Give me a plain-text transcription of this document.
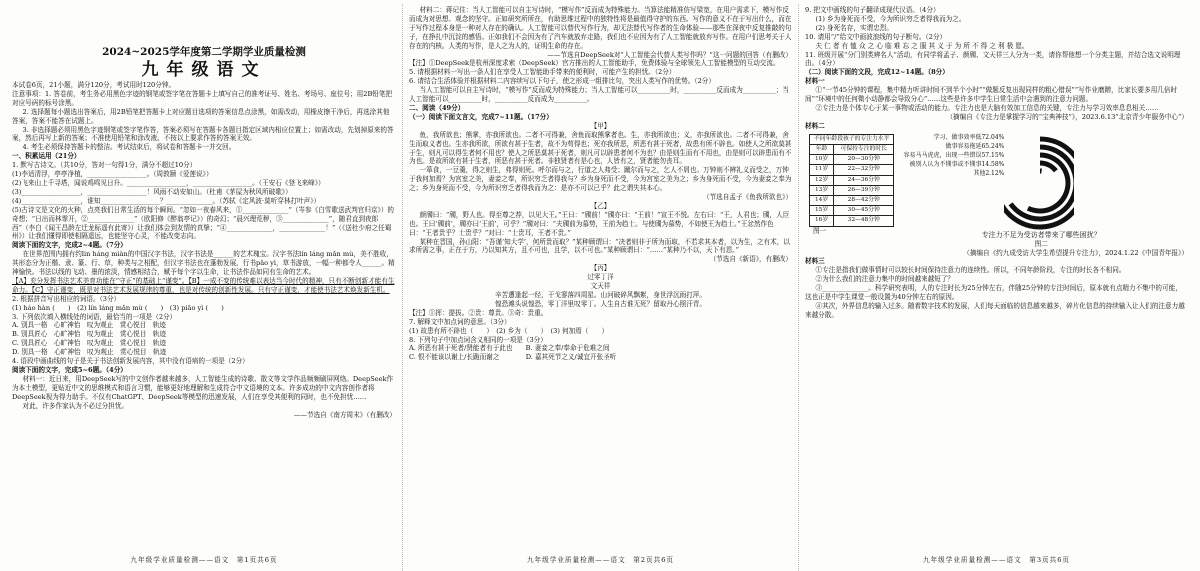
2024~2025学年度第二学期学业质量检测
九年级语文

本试卷6页，21小题，满分120分，考试用时120分钟。

注意事项：1. 答卷前，考生务必用黑色字迹的钢笔或签字笔在答题卡上填写自己的准考证号、姓名、考场号、座位号；用2B铅笔把对应号码的标号涂黑。

2. 选择题每小题选出答案后，用2B铅笔把答题卡上对应题目选项的答案信息点涂黑，如需改动，用橡皮擦干净后，再选涂其他答案，答案不能答在试题上。

3. 非选择题必须用黑色字迹钢笔或签字笔作答，答案必须写在答题卡各题目指定区域内相应位置上；如需改动，先划掉原来的答案，然后再写上新的答案；不准使用铅笔和涂改液。不按以上要求作答的答案无效。

4. 考生必须保持答题卡的整洁。考试结束后，将试卷和答题卡一并交回。

一、积累运用（21分）

1. 默写古诗文。（共10分，答对一句得1分，满分不超过10分）

(1)李适清浮，亭亭净植，__________________。（周敦颐《爱莲说》）

(2)飞来山上千寻塔，闻说鸡鸣见日升。__________________，__________________。（王安石《登飞来峰》）

(3)__________________，__________________！风雨不动安如山。（杜甫《茅屋为秋风所破歌》）

(4)__________________，谁知__________________？______________。（苏轼《定风波·莫听穿林打叶声》）

(5)古诗文是文化的火种，点亮我们日常生活的每个瞬间。“忽如一夜春风来，①______________”（岑参《白雪歌送武判官归京》）的奇想；“日出而林霏开，②______________”（欧阳修《醉翁亭记》）的奇幻；“晨兴理荒秽，③______________”，随君直到夜郎西”（李白《闻王昌龄左迁龙标遥有此寄》）让我们体会到友情的真挚；“④______________，______________！”（《送杜少府之任蜀州》）让我们懂得即使相隔遥远，也能坚守心灵，不能改变志向。

阅读下面的文字，完成2~4题。（7分）

在世界范围内拥有约lin háng miàn的中国汉字书法，汉字书法是______的艺术瑰宝。汉字书法lín láng mǎn mù，美不胜收，其形态分为正楷、隶、篆、行、草，种类与之相配，但汉字书法也在蓬勃发展，行书pǎo yì，草书游放，一幅一种都令人______。精神愉快。书法以线的飞动、墨的浓淡，情感相结合，赋予每个字以生命，让书法作品如同有生命的艺术。

【A】充分发挥书法艺术美育功能在“守正”的基础上“谨变”。【B】一成不变的传统难以表达当今时代的精神，只有不断创新才能有生命力。【C】守正谨变，既是对书法艺术发展规律的尊重，也是对传统的创新性发展。只有守正谨变，才能使书法艺术焕发新生机。

2. 根据拼音写出相应的词语。（3分）

(1) háo hàn (　　)　(2) lín láng mǎn mù (　　)　(3) piāo yì (　　)

3. 下列依次填入横线处的词语，最恰当的一项是（2分）

A. 别具一格　心旷神怡　叹为观止　赏心悦目　轨迹

B. 别具匠心　心旷神怡　叹为观止　赏心悦目　轨迹

C. 别具匠心　心旷神怡　叹为观止　赏心悦目　轨迹

D. 别具一格　心旷神怡　叹为观止　赏心悦目　轨迹

4. 语段中画曲线的句子是关于书法创新发展内容，其中没有语病的一项是（2分）

阅读下面的文字，完成5~6题。（4分）

材料一：近日来，用DeepSeek写的中文创作者越来越多，人工智能生成的诗歌、散文等文学作品频频刷屏网络。DeepSeek作为本土模型，更贴近中文的思维模式和语言习惯，能够更好地理解和生成符合中文语境的文本。许多成功的中文内容创作者将DeepSeek视为得力助手。不仅有ChatGPT、DeepSeek等模型的迅速发展，人们在享受其便利的同时，也不免担忧……

对此，许多作家认为不必过分担忧。

——节选自《南方周末》（有删改）

九年级学业质量检测——语文　第1页共6页

材料二：蒋记住：当人工智能可以自主写诗时，“模写作”反而成为特殊能力。当算法能精准仿写梁宽，在用户需求下，模写作反而成为对思想、观念的坚守。正如研究所所在，有助思维过程中的独特性将是最值得守护的东西。写作的意义不在于写出什么，而在于写作过程本身是一种对人存在的确认。人工智能可以替代写作行为，却无法替代写作者的生命体验——那些在深夜中反复推敲的句子，在挣扎中沉淀的感悟。正如我们不会因为有了汽车就放弃走路，我们也不应因为有了人工智能就放弃写作。在用户们思考关于人存在的内核。人类的写作，是人之为人的，证明生命的存在。

——节选自DeepSeek对“人工智能会代替人类写作吗？”这一问题的回答（有删改）

【注】①DeepSeek是杭州深度求索（DeepSeek）官方推出的人工智能助手，免费体验与全球领先人工智能模型的互动交流。

5. 请根据材料一写出一条人们在享受人工智能助手带来的便利时，可能产生的担忧。（2分）

6. 请结合生活体验并根据材料二内容续写以下句子，使之形成一组排比句，突出人类写作的优势。（2分）

当人工智能可以自主写诗时，“模写作”反而成为特殊能力；当人工智能可以__________时，__________反而成为__________；当人工智能可以__________时，__________反而成为__________。

二、阅读（49分）

（一）阅读下面文言文，完成7~11题。（17分）

【甲】

鱼，我所欲也；熊掌，亦我所欲也。二者不可得兼，舍鱼而取熊掌者也。生，亦我所欲也；义，亦我所欲也。二者不可得兼，舍生而取义者也。生亦我所欲，所欲有甚于生者，故不为苟得也；死亦我所恶，所恶有甚于死者，故患有所不辟也。如使人之所欲莫甚于生，则凡可以得生者何不用也？使人之所恶莫甚于死者，则凡可以辟患者何不为也？由是则生而有不用也，由是则可以辟患而有不为也。是故所欲有甚于生者，所恶有甚于死者。非独贤者有是心也，人皆有之，贤者能勿丧耳。

一箪食，一豆羹，得之则生，弗得则死。呼尔而与之，行道之人弗受；蹴尔而与之，乞人不屑也。万钟则不辨礼义而受之，万钟于我何加焉？为宫室之美，妻妾之奉，所识穷乏者得我与？乡为身死而不受，今为宫室之美为之；乡为身死而不受，今为妻妾之奉为之；乡为身死而不受，今为所识穷乏者得我而为之：是亦不可以已乎？此之谓失其本心。

（节选自孟子《鱼我所欲也》）

【乙】

颜斶曰：“斶，野人也。得至尊之荐，以见大王。”王曰：“斶前！”斶亦曰：“王前！”宣王不悦。左右曰：“王，人君也；斶，人臣也。王曰‘斶前’，斶亦曰‘王前’，可乎？”斶对曰：“夫斶前为慕势，王前为趋士。与使斶为慕势，不如使王为趋士。”王忿然作色曰：“王者贵乎？士贵乎？”对曰：“士贵耳，王者不贵。”

某种在晋国，孙山阳：“吾谨‘知大学’，何所贵而取？”某种顾谓曰：“决者则非于所为而取，不若求其本者，以为生，之有术，以求所需之事，正在于方，乃以知其方，且不可也，且学，以不可也。”某种顾谓曰：“……”某种乃不以，天下有恩。”

（节选自《新语》，有删改）

【丙】

过零丁洋

文天祥

辛苦遭逢起一经，干戈寥落四周星。山河破碎风飘絮，身世浮沉雨打萍。

惶恐滩头说惶恐，零丁洋里叹零丁。人生自古谁无死？留取丹心照汗青。

【注】①挥：提拔。②贵：尊贵。③奇：贵重。

7. 解释文中加点词的意思。（3分）

(1) 故患有所不辟也（　　）　(2) 乡为（　　）　(3) 何加焉（　　）

8. 下列句子中加点词含义相同的一项是（3分）

A. 所恶有甚于死者/贤能者有于此也　　B. 妻妾之奉/奉命于危难之间

C. 恨不能该以谢上/长跪而谢之　　　　D. 嘉其死节之义/诚宜开张圣听

九年级学业质量检测——语文　第2页共6页

9. 把文中画线的句子翻译成现代汉语。（4分）

(1) 乡为身死而不受，今为所识穷乏者得我而为之。

(2) 身死名存，实谓忠烈。

10. 请用“/”给文中画波浪线的句子断句。（2分）

夫 仁 者 有 恤 众 之 心 临 难 忘 之 服 其 义 于 为 所 不 得 之 利 极 愿。

11. 班级开展“分门别类辨名人”活动，有同学将孟子、颜斶、文天祥三人分为一类，请你帮他想一个分类主题，并结合选文说明理由。（4分）

（二）阅读下面的文段，完成12~14题。（8分）

材料一

①“一节45分钟的课程，集中精力听讲时间不到半个小时”“做题反复出现同样的粗心错误”“写作业磨蹭，比家长要多用几倍时间”“环境中的任何微小动静都会导致分心”……这些是许多中学生日常生活中会遇到的注意力问题。

②专注力是个体专心于某一事物或活动的能力。专注力也是大脑有效加工信息的关键，专注力与学习效率息息相关……

（摘编自《专注力是掌握学习的“宝典神技”》，2023.6.13“北京青少年服务中心”）

材料二

不同年龄段孩子的专注力水平	
年龄	可保持专注的时长
10岁	20—30分钟
11岁	22—32分钟
12岁	24—36分钟
13岁	26—39分钟
14岁	28—42分钟
15岁	30—45分钟
16岁	32—48分钟

图一

学习、做事效率低72.04%
做事容易拖延65.24%
容易马马虎虎，出现一些错误57.15%
被别人认为不懂事或不懂事14.58%
其他2.12%

专注力不足为受访者带来了哪些困扰？

图二

（摘编自《约九成受访大学生希望提升专注力》，2024.1.22《中国青年报》）

材料三

①专注是指我们做事情时可以较长时间保持注意力的连续性。所以，不同年龄阶段，专注的时长各不相同。

②为什么我们的注意力集中的时间越来越短了？

③______________。科学研究表明，人的专注时长为25分钟左右，伴随25分钟的专注时间后，原本就有点精力不集中的可能，这也正是中学生课堂一般设置为40分钟左右的原因。

④其次，外界信息的输入过多。随着数字技术的发展，人们每天面临的信息越来越多，碎片化信息的持续输入让人们的注意力越来越分散。

九年级学业质量检测——语文　第3页共6页
